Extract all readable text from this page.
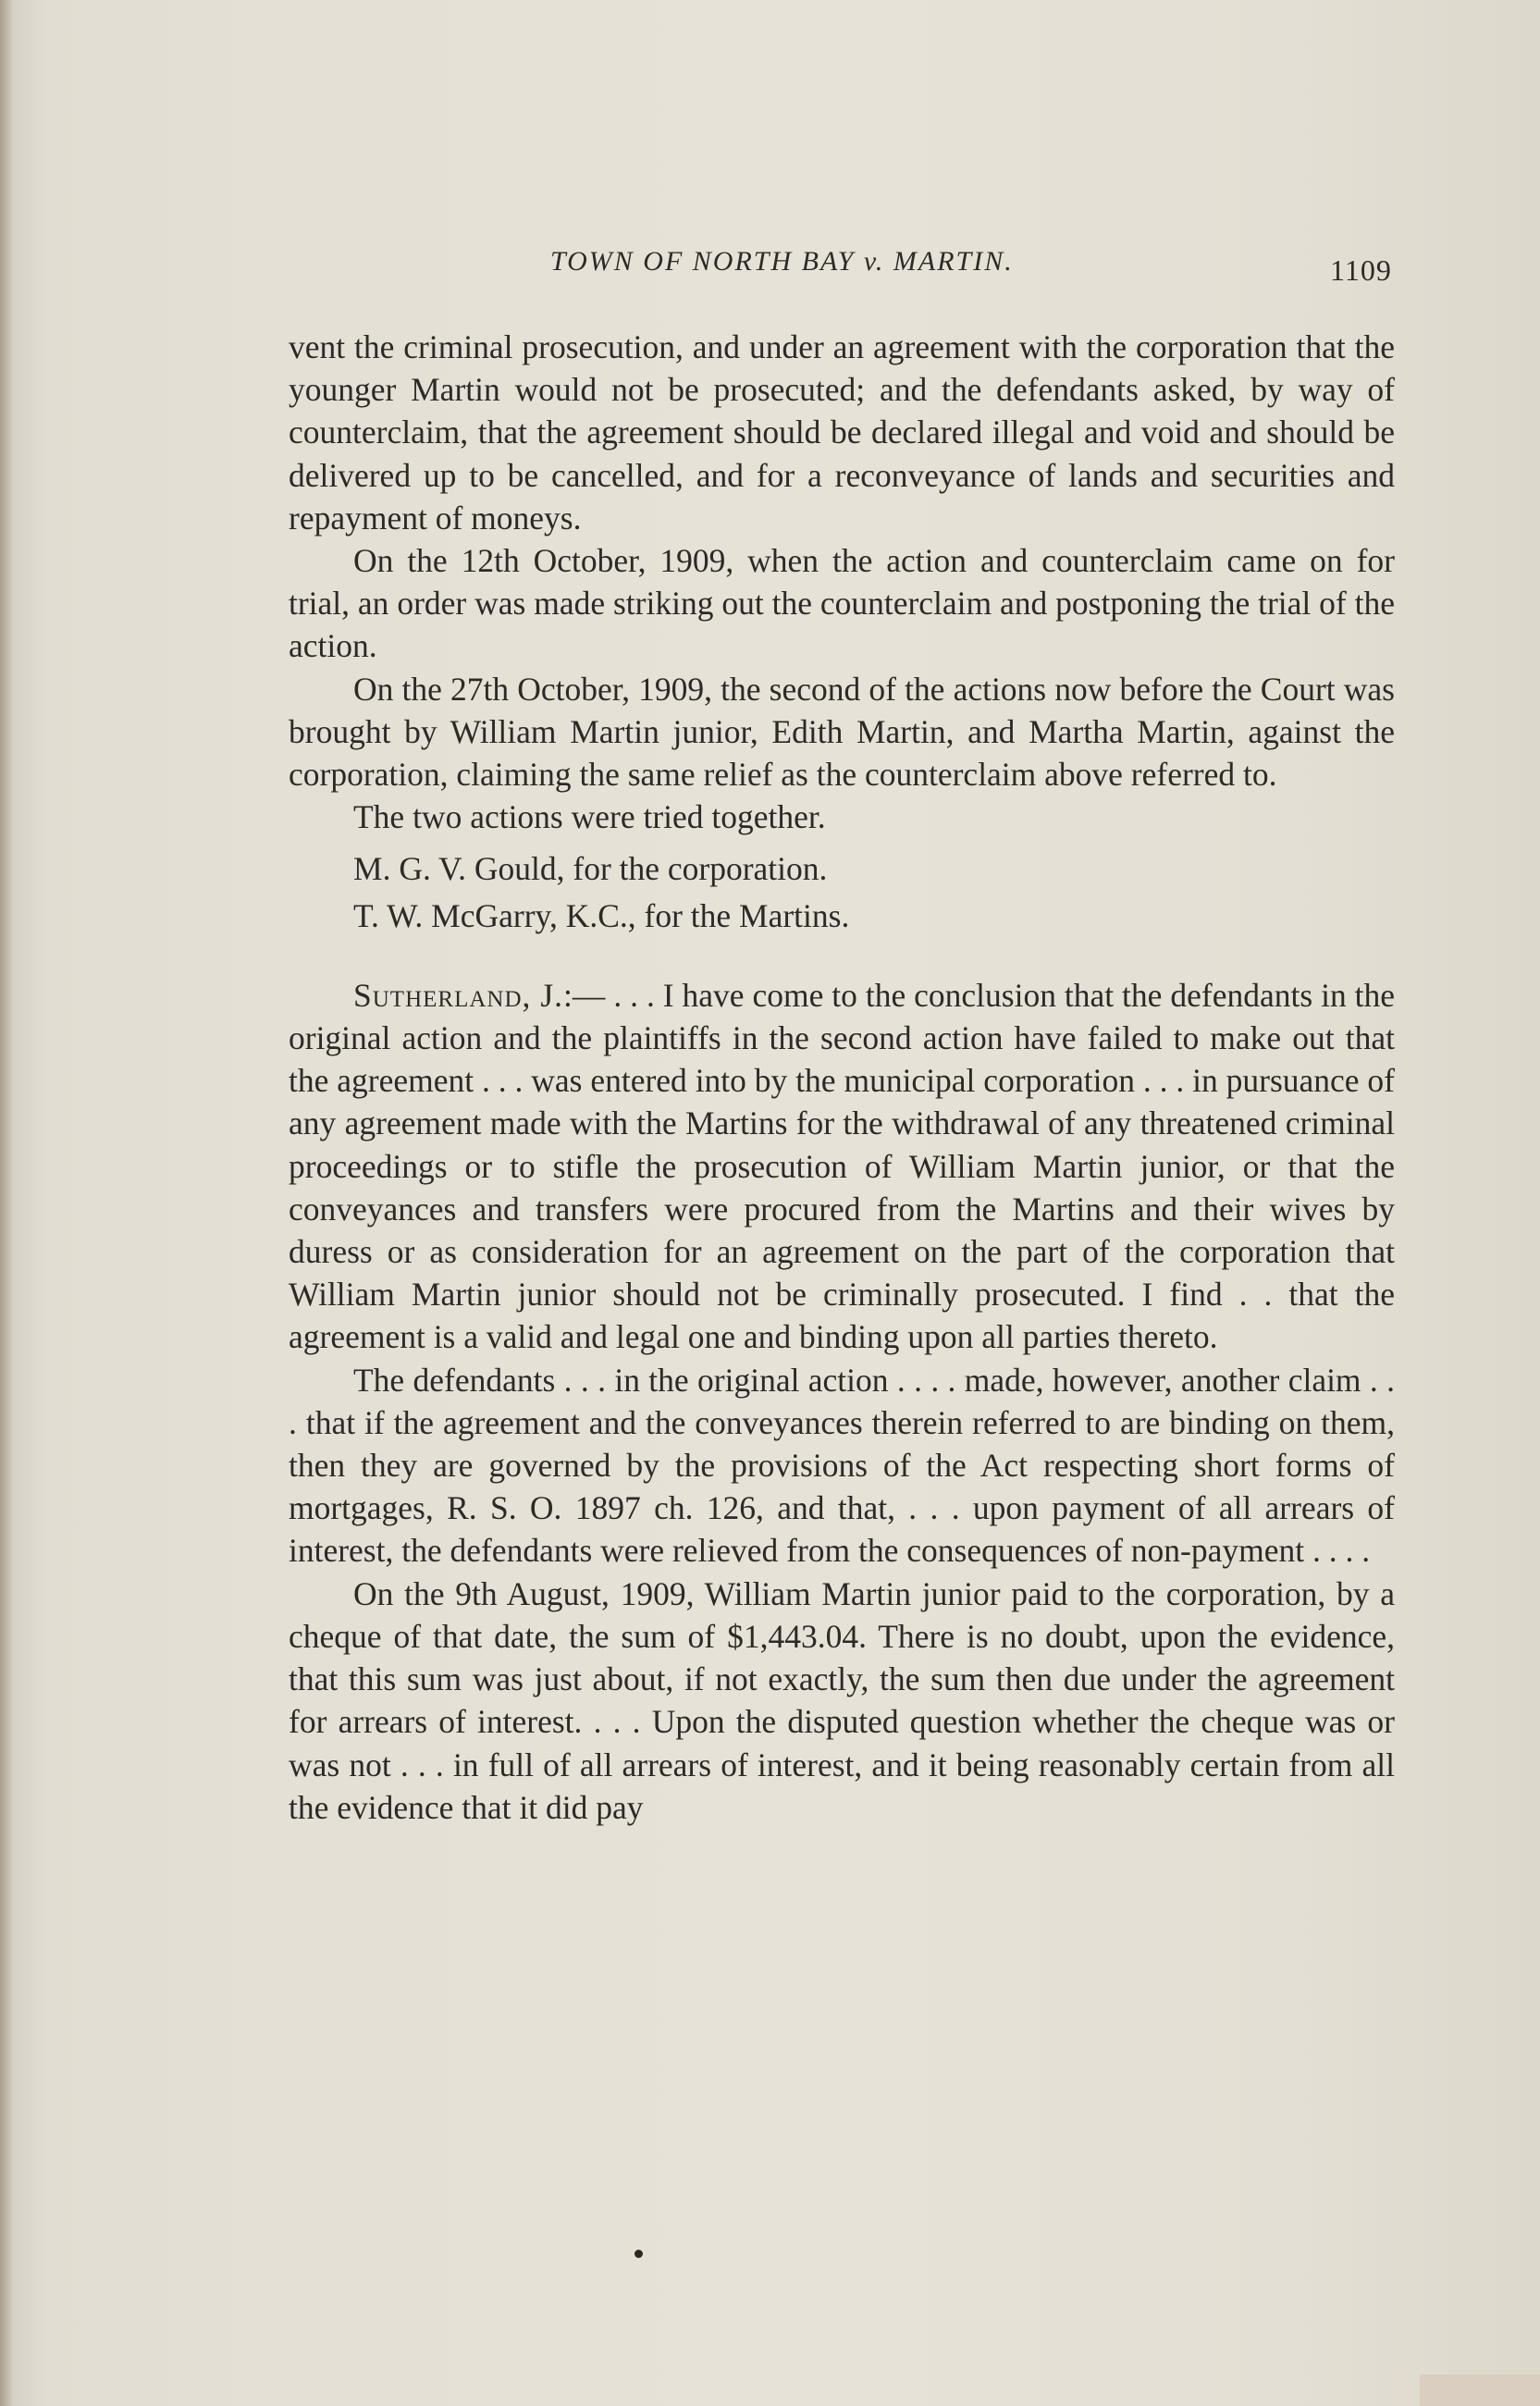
TOWN OF NORTH BAY v. MARTIN.	1109

vent the criminal prosecution, and under an agreement with the corporation that the younger Martin would not be prosecuted; and the defendants asked, by way of counterclaim, that the agreement should be declared illegal and void and should be delivered up to be cancelled, and for a reconveyance of lands and securities and repayment of moneys.

On the 12th October, 1909, when the action and counterclaim came on for trial, an order was made striking out the counterclaim and postponing the trial of the action.

On the 27th October, 1909, the second of the actions now before the Court was brought by William Martin junior, Edith Martin, and Martha Martin, against the corporation, claiming the same relief as the counterclaim above referred to.

The two actions were tried together.

M. G. V. Gould, for the corporation.

T. W. McGarry, K.C., for the Martins.

Sutherland, J.:— . . . I have come to the conclusion that the defendants in the original action and the plaintiffs in the second action have failed to make out that the agreement . . . was entered into by the municipal corporation . . . in pursuance of any agreement made with the Martins for the withdrawal of any threatened criminal proceedings or to stifle the prosecution of William Martin junior, or that the conveyances and transfers were procured from the Martins and their wives by duress or as consideration for an agreement on the part of the corporation that William Martin junior should not be criminally prosecuted. I find . . that the agreement is a valid and legal one and binding upon all parties thereto.

The defendants . . . in the original action . . . . made, however, another claim . . . that if the agreement and the conveyances therein referred to are binding on them, then they are governed by the provisions of the Act respecting short forms of mortgages, R. S. O. 1897 ch. 126, and that, . . . upon payment of all arrears of interest, the defendants were relieved from the consequences of non-payment . . . .

On the 9th August, 1909, William Martin junior paid to the corporation, by a cheque of that date, the sum of $1,443.04. There is no doubt, upon the evidence, that this sum was just about, if not exactly, the sum then due under the agreement for arrears of interest. . . . Upon the disputed question whether the cheque was or was not . . . in full of all arrears of interest, and it being reasonably certain from all the evidence that it did pay
